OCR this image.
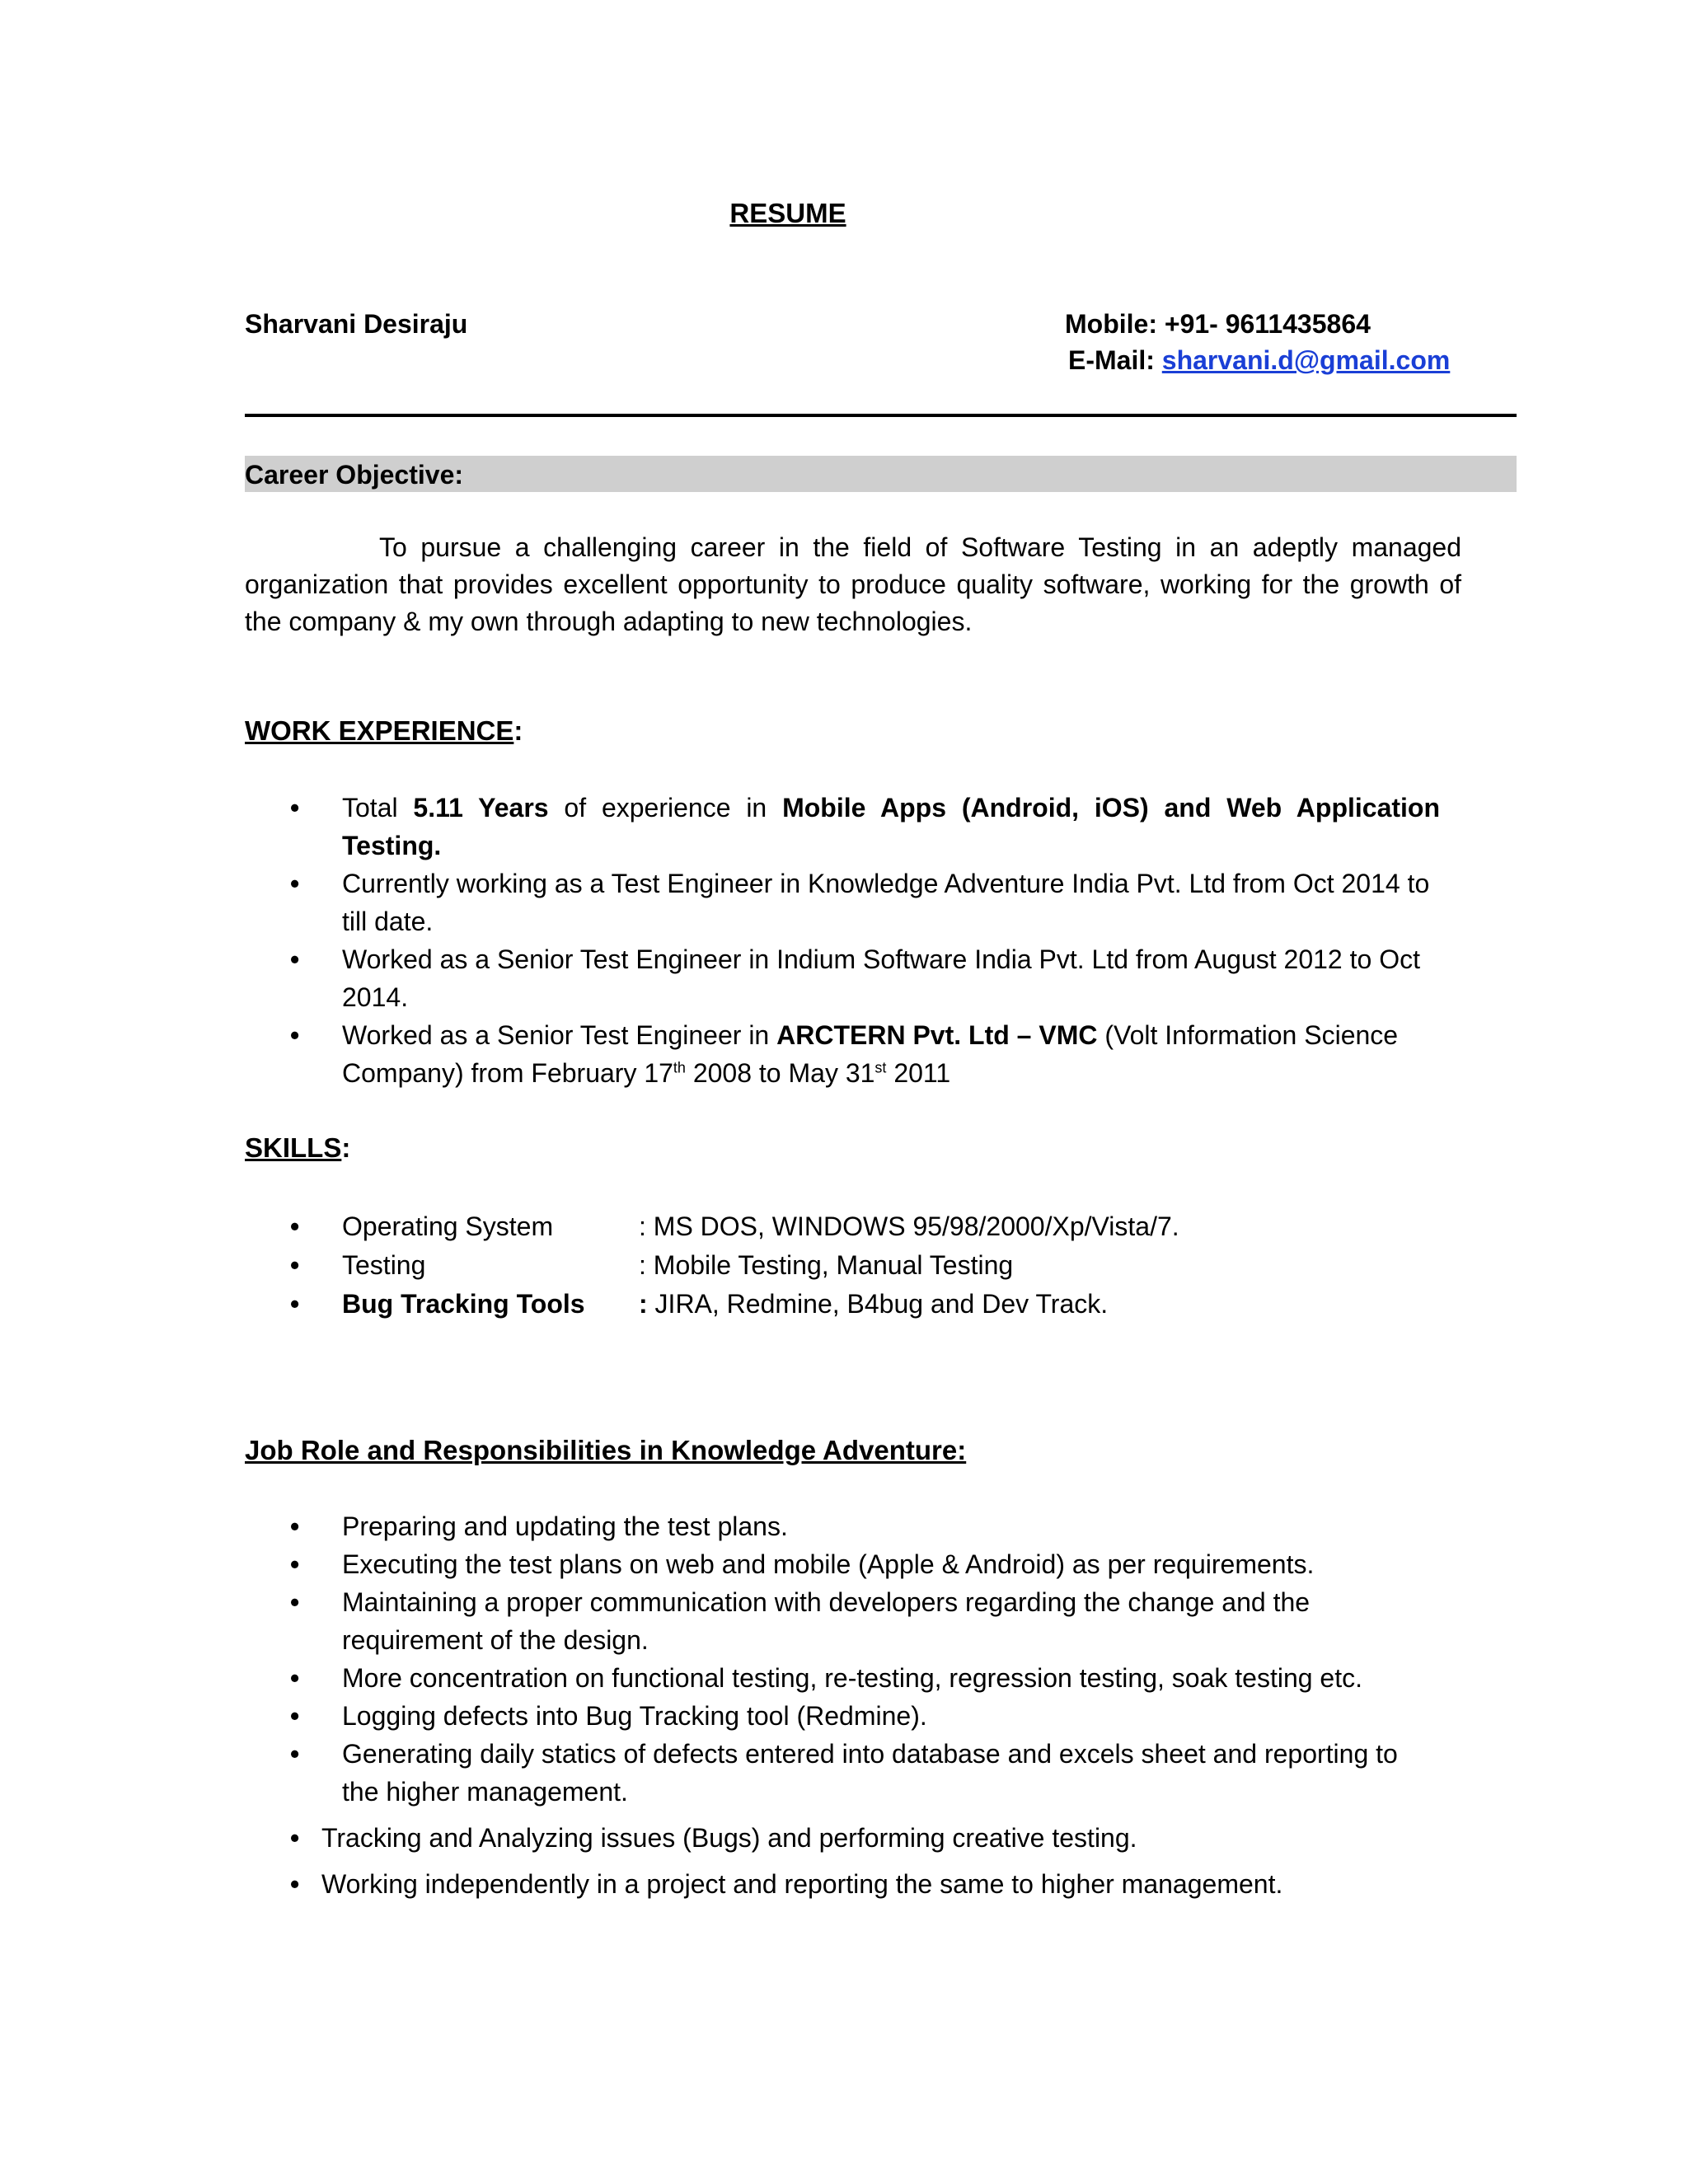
RESUME
Sharvani Desiraju	Mobile: +91- 9611435864
E-Mail: sharvani.d@gmail.com
Career Objective:
To pursue a challenging career in the field of Software Testing in an adeptly managed organization that provides excellent opportunity to produce quality software, working for the growth of the company & my own through adapting to new technologies.
WORK EXPERIENCE:
• Total 5.11 Years of experience in Mobile Apps (Android, iOS) and Web Application Testing.
• Currently working as a Test Engineer in Knowledge Adventure India Pvt. Ltd from Oct 2014 to till date.
• Worked as a Senior Test Engineer in Indium Software India Pvt. Ltd from August 2012 to Oct 2014.
• Worked as a Senior Test Engineer in ARCTERN Pvt. Ltd – VMC (Volt Information Science Company) from February 17th 2008 to May 31st 2011
SKILLS:
• Operating System	: MS DOS, WINDOWS 95/98/2000/Xp/Vista/7.
• Testing	: Mobile Testing, Manual Testing
• Bug Tracking Tools : JIRA, Redmine, B4bug and Dev Track.
Job Role and Responsibilities in Knowledge Adventure:
• Preparing and updating the test plans.
• Executing the test plans on web and mobile (Apple & Android) as per requirements.
• Maintaining a proper communication with developers regarding the change and the requirement of the design.
• More concentration on functional testing, re-testing, regression testing, soak testing etc.
• Logging defects into Bug Tracking tool (Redmine).
• Generating daily statics of defects entered into database and excels sheet and reporting to the higher management.
• Tracking and Analyzing issues (Bugs) and performing creative testing.
• Working independently in a project and reporting the same to higher management.
